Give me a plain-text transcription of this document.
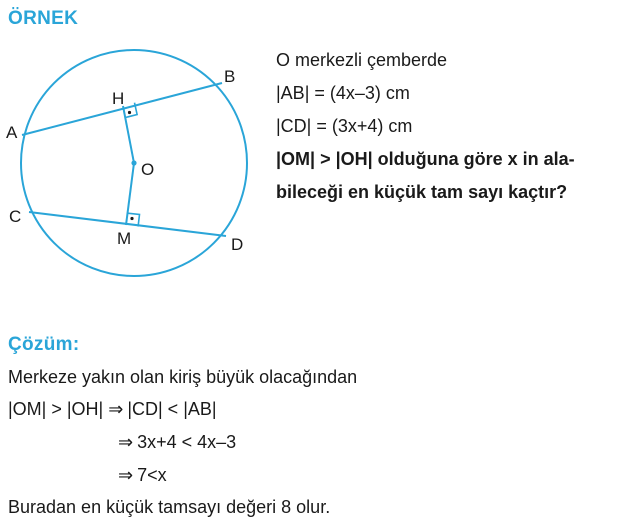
ÖRNEK
A
B
C
D
H
M
O
O merkezli çemberde
|AB| = (4x–3) cm
|CD| = (3x+4) cm
|OM| > |OH| olduğuna göre x in ala-
bileceği en küçük tam sayı kaçtır?
Çözüm:
Merkeze yakın olan kiriş büyük olacağından
|OM| > |OH| ⇒ |CD| < |AB|
⇒ 3x+4 < 4x–3
⇒ 7<x
Buradan en küçük tamsayı değeri 8 olur.
